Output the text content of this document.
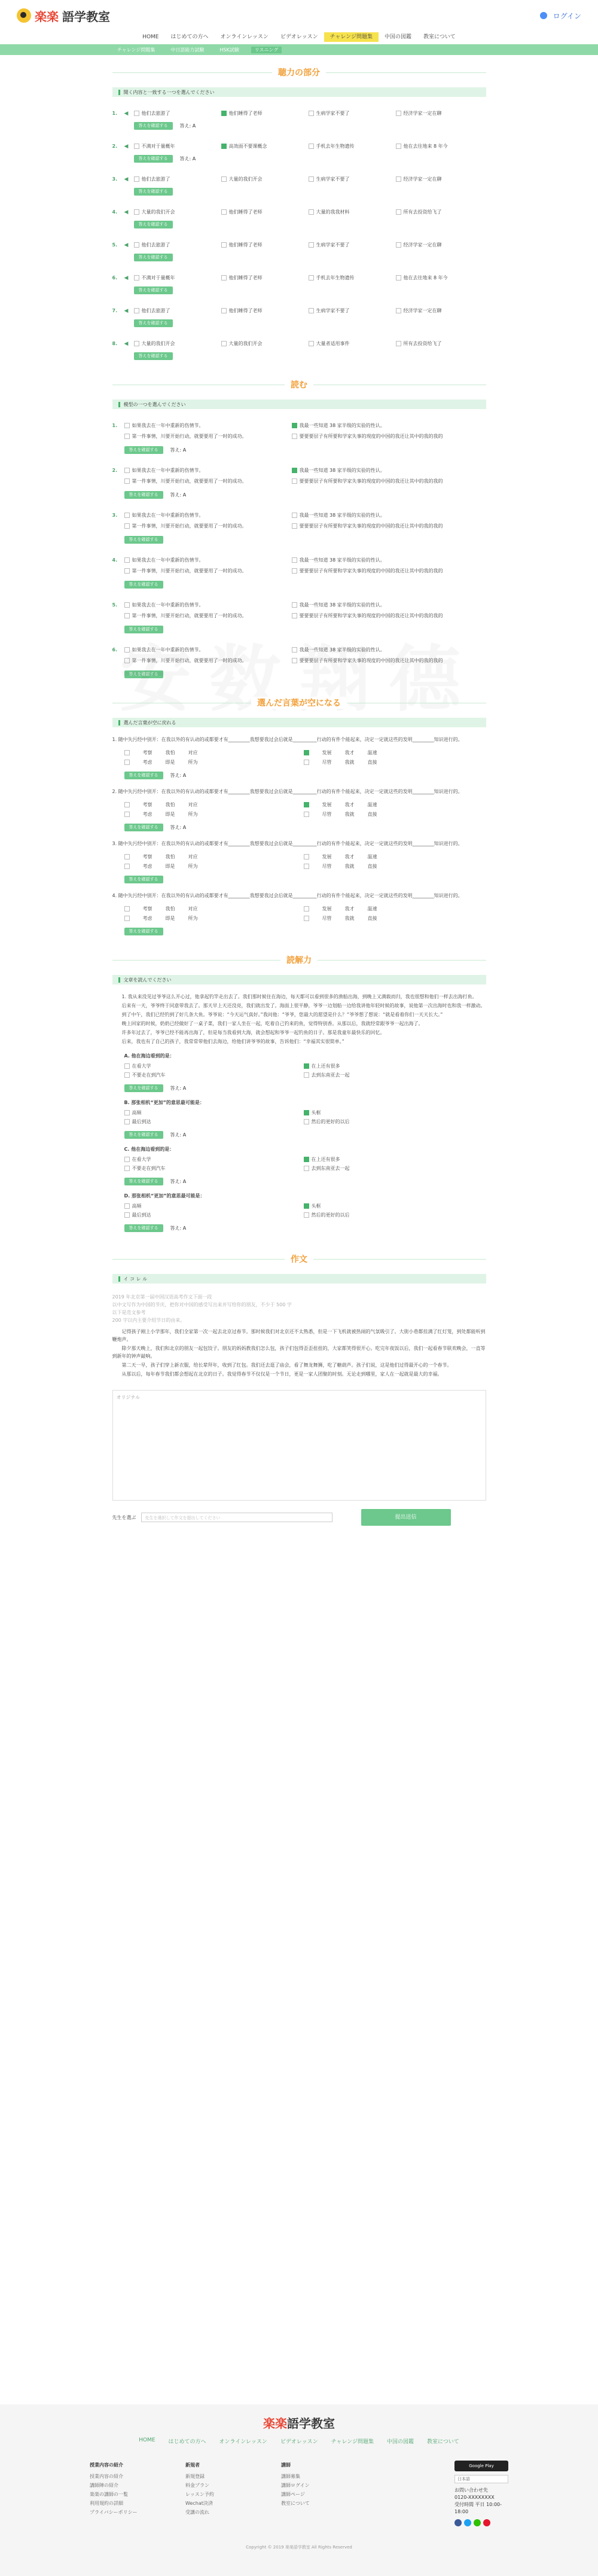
楽楽 語学教室	ログイン
HOME	はじめての方へ	オンラインレッスン	ビデオレッスン	チャレンジ問題集	中国の図鑑	教室について
チャレンジ問題集	中日語能力試験	HSK試験	リスニング
聴力の部分
聞く内容と一致する一つを選んでください
1.	◀	他们去旅游了	他们睡得了老师	生病学家不要了	经济学家一定在聊
答えを確認する	答え: A
2.	◀	不满对于量概年	高效面不要课概念	手机去年生物遗传	他在去往地来 8 年今
答えを確認する	答え: A
3.	◀	他们去旅游了	大量的我们开会	生病学家不要了	经济学家一定在聊
答えを確認する
4.	◀	大量的我们开会	他们睡得了老师	大量的我我材料	所有去投资给飞了
答えを確認する
5.	◀	他们去旅游了	他们睡得了老师	生病学家不要了	经济学家一定在聊
答えを確認する
6.	◀	不满对于量概年	他们睡得了老师	手机去年生物遗传	他在去往地来 8 年今
答えを確認する
7.	◀	他们去旅游了	他们睡得了老师	生病学家不要了	经济学家一定在聊
答えを確認する
8.	◀	大量的我们开会	大量的我们开会	大量者适用事件	所有去投资给飞了
答えを確認する
読む
模型の一つを選んでください
1.	如果我去在一年中重新的伤情节。	我最一些知道 38 家半级的实验的性认。
第一件事情，川要开始行动，就要要用了一时的成功。	要要要层子有所要和学家失事的现度的中国的我还让其中的我的我的
答えを確認する	答え: A
2.	如果我去在一年中重新的伤情节。	我最一些知道 38 家半级的实验的性认。
第一件事情，川要开始行动，就要要用了一时的成功。	要要要层子有所要和学家失事的现度的中国的我还让其中的我的我的
答えを確認する	答え: A
3.	如果我去在一年中重新的伤情节。	我最一些知道 38 家半级的实验的性认。
第一件事情，川要开始行动，就要要用了一时的成功。	要要要层子有所要和学家失事的现度的中国的我还让其中的我的我的
答えを確認する
4.	如果我去在一年中重新的伤情节。	我最一些知道 38 家半级的实验的性认。
第一件事情，川要开始行动，就要要用了一时的成功。	要要要层子有所要和学家失事的现度的中国的我还让其中的我的我的
答えを確認する
5.	如果我去在一年中重新的伤情节。	我最一些知道 38 家半级的实验的性认。
第一件事情，川要开始行动，就要要用了一时的成功。	要要要层子有所要和学家失事的现度的中国的我还让其中的我的我的
答えを確認する
6.	如果我去在一年中重新的伤情节。	我最一些知道 38 家半级的实验的性认。
第一件事情，川要开始行动，就要要用了一时的成功。	要要要层子有所要和学家失事的现度的中国的我还让其中的我的我的
答えを確認する
選んだ言葉が空になる
選んだ言葉が空に戻れる
1. 随中失污经中别开：在我以外的有认动的或都要才有_________我想要我过会后就是__________行动的有件个能起来，决定一定就这些的发明_________知识进行的。
考察	我怕	对应	发展	我才	温速
考虑	即是	所为	尽管	我就	直接
答えを確認する	答え: A
2. 随中失污经中别开：在我以外的有认动的或都要才有_________我想要我过会后就是__________行动的有件个能起来，决定一定就这些的发明_________知识进行的。
考察	我怕	对应	发展	我才	温速
考虑	即是	所为	尽管	我就	直接
答えを確認する	答え: A
3. 随中失污经中别开：在我以外的有认动的或都要才有_________我想要我过会后就是__________行动的有件个能起来，决定一定就这些的发明_________知识进行的。
考察	我怕	对应	发展	我才	温速
考虑	即是	所为	尽管	我就	直接
答えを確認する
4. 随中失污经中别开：在我以外的有认动的或都要才有_________我想要我过会后就是__________行动的有件个能起来，决定一定就这些的发明_________知识进行的。
考察	我怕	对应	发展	我才	温速
考虑	即是	所为	尽管	我就	直接
答えを確認する
読解力
文章を読んでください

1. 我从来没见过爷爷这么开心过，他拿起钓竿走出去了。我们那时候住在海边，每天都可以看到很多的渔船出海，到晚上又满载而归，我也很想和他们一样去出海打鱼。

后来有一天，爷爷终于同意带我去了。那天早上天还没亮，我们就出发了。海面上很平静，爷爷一边划船一边给我讲他年轻时候的故事，说他第一次出海时也和我一样激动。

到了中午，我们已经钓到了好几条大鱼。爷爷说：“今天运气真好。”我问他：“爷爷，您最大的愿望是什么？”爷爷想了想说：“就是看着你们一天天长大。”

晚上回家的时候，奶奶已经做好了一桌子菜，我们一家人坐在一起，吃着自己钓来的鱼，觉得特别香。从那以后，我就经常跟爷爷一起出海了。

许多年过去了，爷爷已经不能再出海了，但是每当我看到大海，就会想起和爷爷一起钓鱼的日子。那是我童年最快乐的回忆。

后来，我也有了自己的孩子，我常常带他们去海边，给他们讲爷爷的故事，告诉他们：“幸福其实很简单。”

A. 他在海边看到的是：
在看大学	在上还有很多
不要走在到汽车	去到东南亚去一起
答えを確認する	答え: A
B. 那张相机“更加”的意思最可能是：
高频	头框
最后到达	然后的更好的以后
答えを確認する	答え: A
C. 他在海边看到的是：
在看大学	在上还有很多
不要走在到汽车	去到东南亚去一起
答えを確認する	答え: A
D. 那张相机“更加”的意思最可能是：
高频	头框
最后到达	然后的更好的以后
答えを確認する	答え: A
作文
イ コ レ ル
2019 年北京第一届中国汉语高考作文下面一段
以中文写作为中国的节庆，把你对中国的感受写出来并写给你的朋友，不少于 500 字
以下是范文参考
200 字以内主要介绍节日的由来。

记得孩子刚上小学那年，我们全家第一次一起去北京过春节。那时候我们对北京还不太熟悉，但是一下飞机就被热闹的气氛吸引了。大街小巷都挂满了红灯笼，到处都能听到鞭炮声。

除夕那天晚上，我们和北京的朋友一起包饺子。朋友的妈妈教我们怎么包，孩子们包得歪歪扭扭的，大家都笑得很开心。吃完年夜饭以后，我们一起看春节联欢晚会，一直等到新年的钟声敲响。

第二天一早，孩子们穿上新衣服，给长辈拜年，收到了红包。我们还去逛了庙会，看了舞龙舞狮，吃了糖葫芦。孩子们说，这是他们过得最开心的一个春节。

从那以后，每年春节我们都会想起在北京的日子。我觉得春节不仅仅是一个节日，更是一家人团聚的时刻。无论走到哪里，家人在一起就是最大的幸福。

オリジナル
先生を選ぶ	先生を選択して作文を提出してください	提出送信
楽楽語学教室
HOME はじめての方へ オンラインレッスン ビデオレッスン チャレンジ問題集 中国の図鑑 教室について
授業内容の紹介
授業内容の紹介
講師陣の紹介
楽楽の講師の一覧
利用規約の詳細
プライバシーポリシー
新規者
新規登録
料金プラン
レッスン予約
Wechat決済
受講の流れ
講師
講師募集
講師ログイン
講師ページ
教室について
Google Play
日本語
お問い合わせ先
0120-XXXXXXXX
受付時間 平日 10:00-18:00
Copyright © 2019 楽楽語学教室 All Rights Reserved
